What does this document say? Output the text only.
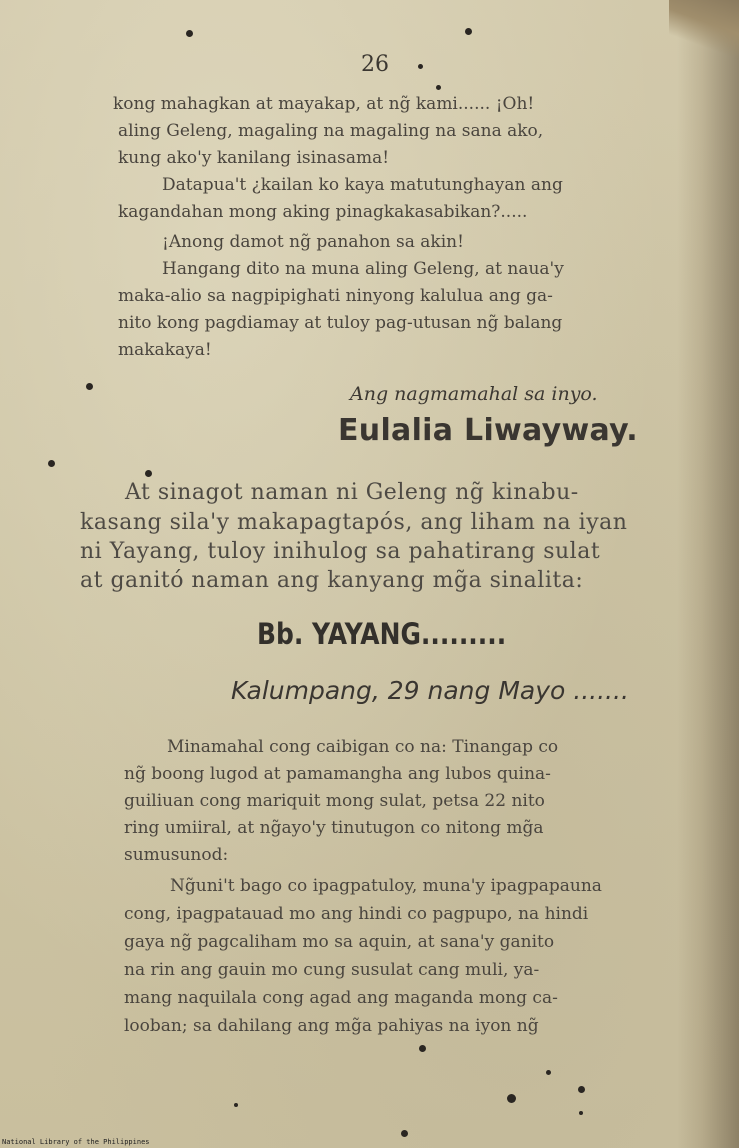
26
kong mahagkan at mayakap, at ng̃ kami...... ¡Oh!
aling Geleng, magaling na magaling na sana ako,
kung ako'y kanilang isinasama!
Datapua't ¿kailan ko kaya matutunghayan ang
kagandahan mong aking pinagkakasabikan?.....
¡Anong damot ng̃ panahon sa akin!
Hangang dito na muna aling Geleng, at naua'y
maka-alio sa nagpipighati ninyong kalulua ang ga-
nito kong pagdiamay at tuloy pag-utusan ng̃ balang
makakaya!
Ang nagmamahal sa inyo.
Eulalia Liwayway.
At sinagot naman ni Geleng ng̃ kinabu-
kasang sila'y makapagtapós, ang liham na iyan
ni Yayang, tuloy inihulog sa pahatirang sulat
at ganitó naman ang kanyang mg̃a sinalita:
Bb. YAYANG.........
Kalumpang, 29 nang Mayo .......
Minamahal cong caibigan co na: Tinangap co
ng̃ boong lugod at pamamangha ang lubos quina-
guiliuan cong mariquit mong sulat, petsa 22 nito
ring umiiral, at ng̃ayo'y tinutugon co nitong mg̃a
sumusunod:
Ng̃uni't bago co ipagpatuloy, muna'y ipagpapauna
cong, ipagpatauad mo ang hindi co pagpupo, na hindi
gaya ng̃ pagcaliham mo sa aquin, at sana'y ganito
na rin ang gauin mo cung susulat cang muli, ya-
mang naquilala cong agad ang maganda mong ca-
looban; sa dahilang ang mg̃a pahiyas na iyon ng̃
National Library of the Philippines
